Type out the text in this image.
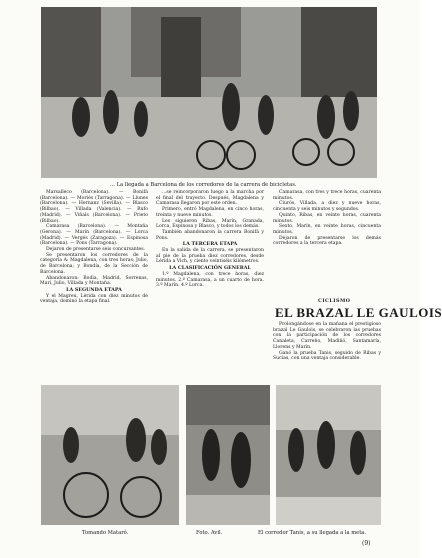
... La llegada a Barcelona de los corredores de la carrera de bicicletas.

Marsalleco (Barcelona). — Bonifá (Barcelona). — Moriés (Tarragona). — Llunes (Barcelona). — Hernanz (Sevilla). — Blasco (Bilbao). — Villada (Valencia). — Rufo (Madrid). — Viñals (Barcelona). — Prieto (Bilbao).

Camarasa (Barcelona). — Montaña (Gerona). — Marín (Barcelona). — Lorca (Madrid). — Vergés (Zaragoza). — Espinosa (Barcelona). — Pons (Tarragona).

Dejaron de presentarse seis concursantes.

Se presentaron los corredores de la categoría A: Magdalena, con tres horas; Julio, de Barcelona; y Bondía, de la Sección de Barcelona.

Abandonaron: Bodia, Madrid, Sorrenas, Marí, Julio, Villada y Montaña.

LA SEGUNDA ETAPA

Y el Magreu, Lérida con diez minutos de ventaja, dominó la etapa final.

...se reincorporaron luego a la marcha por el final del trayecto. Después, Magdalena y Camarasa llegaron por este orden.

Primero, entró Magdalena, en cinco horas, treinta y nueve minutos.

Les siguieron Ribas, Marín, Granada, Lorca, Espinosa y Blasco, y todos los demás.

También abandonaron la carrera Bonifá y Pons.

LA TERCERA ETAPA

En la salida de la carrera, se presentaron al pie de la prueba diez corredores, desde Lérida a Vich, y ciento veintiséis kilómetros.

LA CLASIFICACIÓN GENERAL

1.º Magdalena, con trece horas, diez minutos. 2.º Camarasa, a un cuarto de hora. 3.º Marín. 4.º Lorca.

Camarasa, con tres y trece horas, cuarenta minutos.

Ciurós, Villada, a diez y nueve horas, cincuenta y seis minutos y segundos.

Quinto, Ribas, en veinte horas, cuarenta minutos.

Sexto, Marín, en veinte horas, cincuenta minutos.

Dejaron de presentarse los demás corredores a la tercera etapa.

CICLISMO
EL BRAZAL LE GAULOIS

Prolongándose en la mañana el prestigioso brazal Le Gaulois, se celebraron las pruebas con la participación de los corredores Canaleta, Carreño, Madiñó, Santamaría, Llorens y Marín.

Ganó la prueba Tanis, seguido de Ribas y Sucias, con una ventaja considerable.

Tomando Mataró.	Foto. Avil.	El corredor Tanis, a su llegada a la meta.
(9)
